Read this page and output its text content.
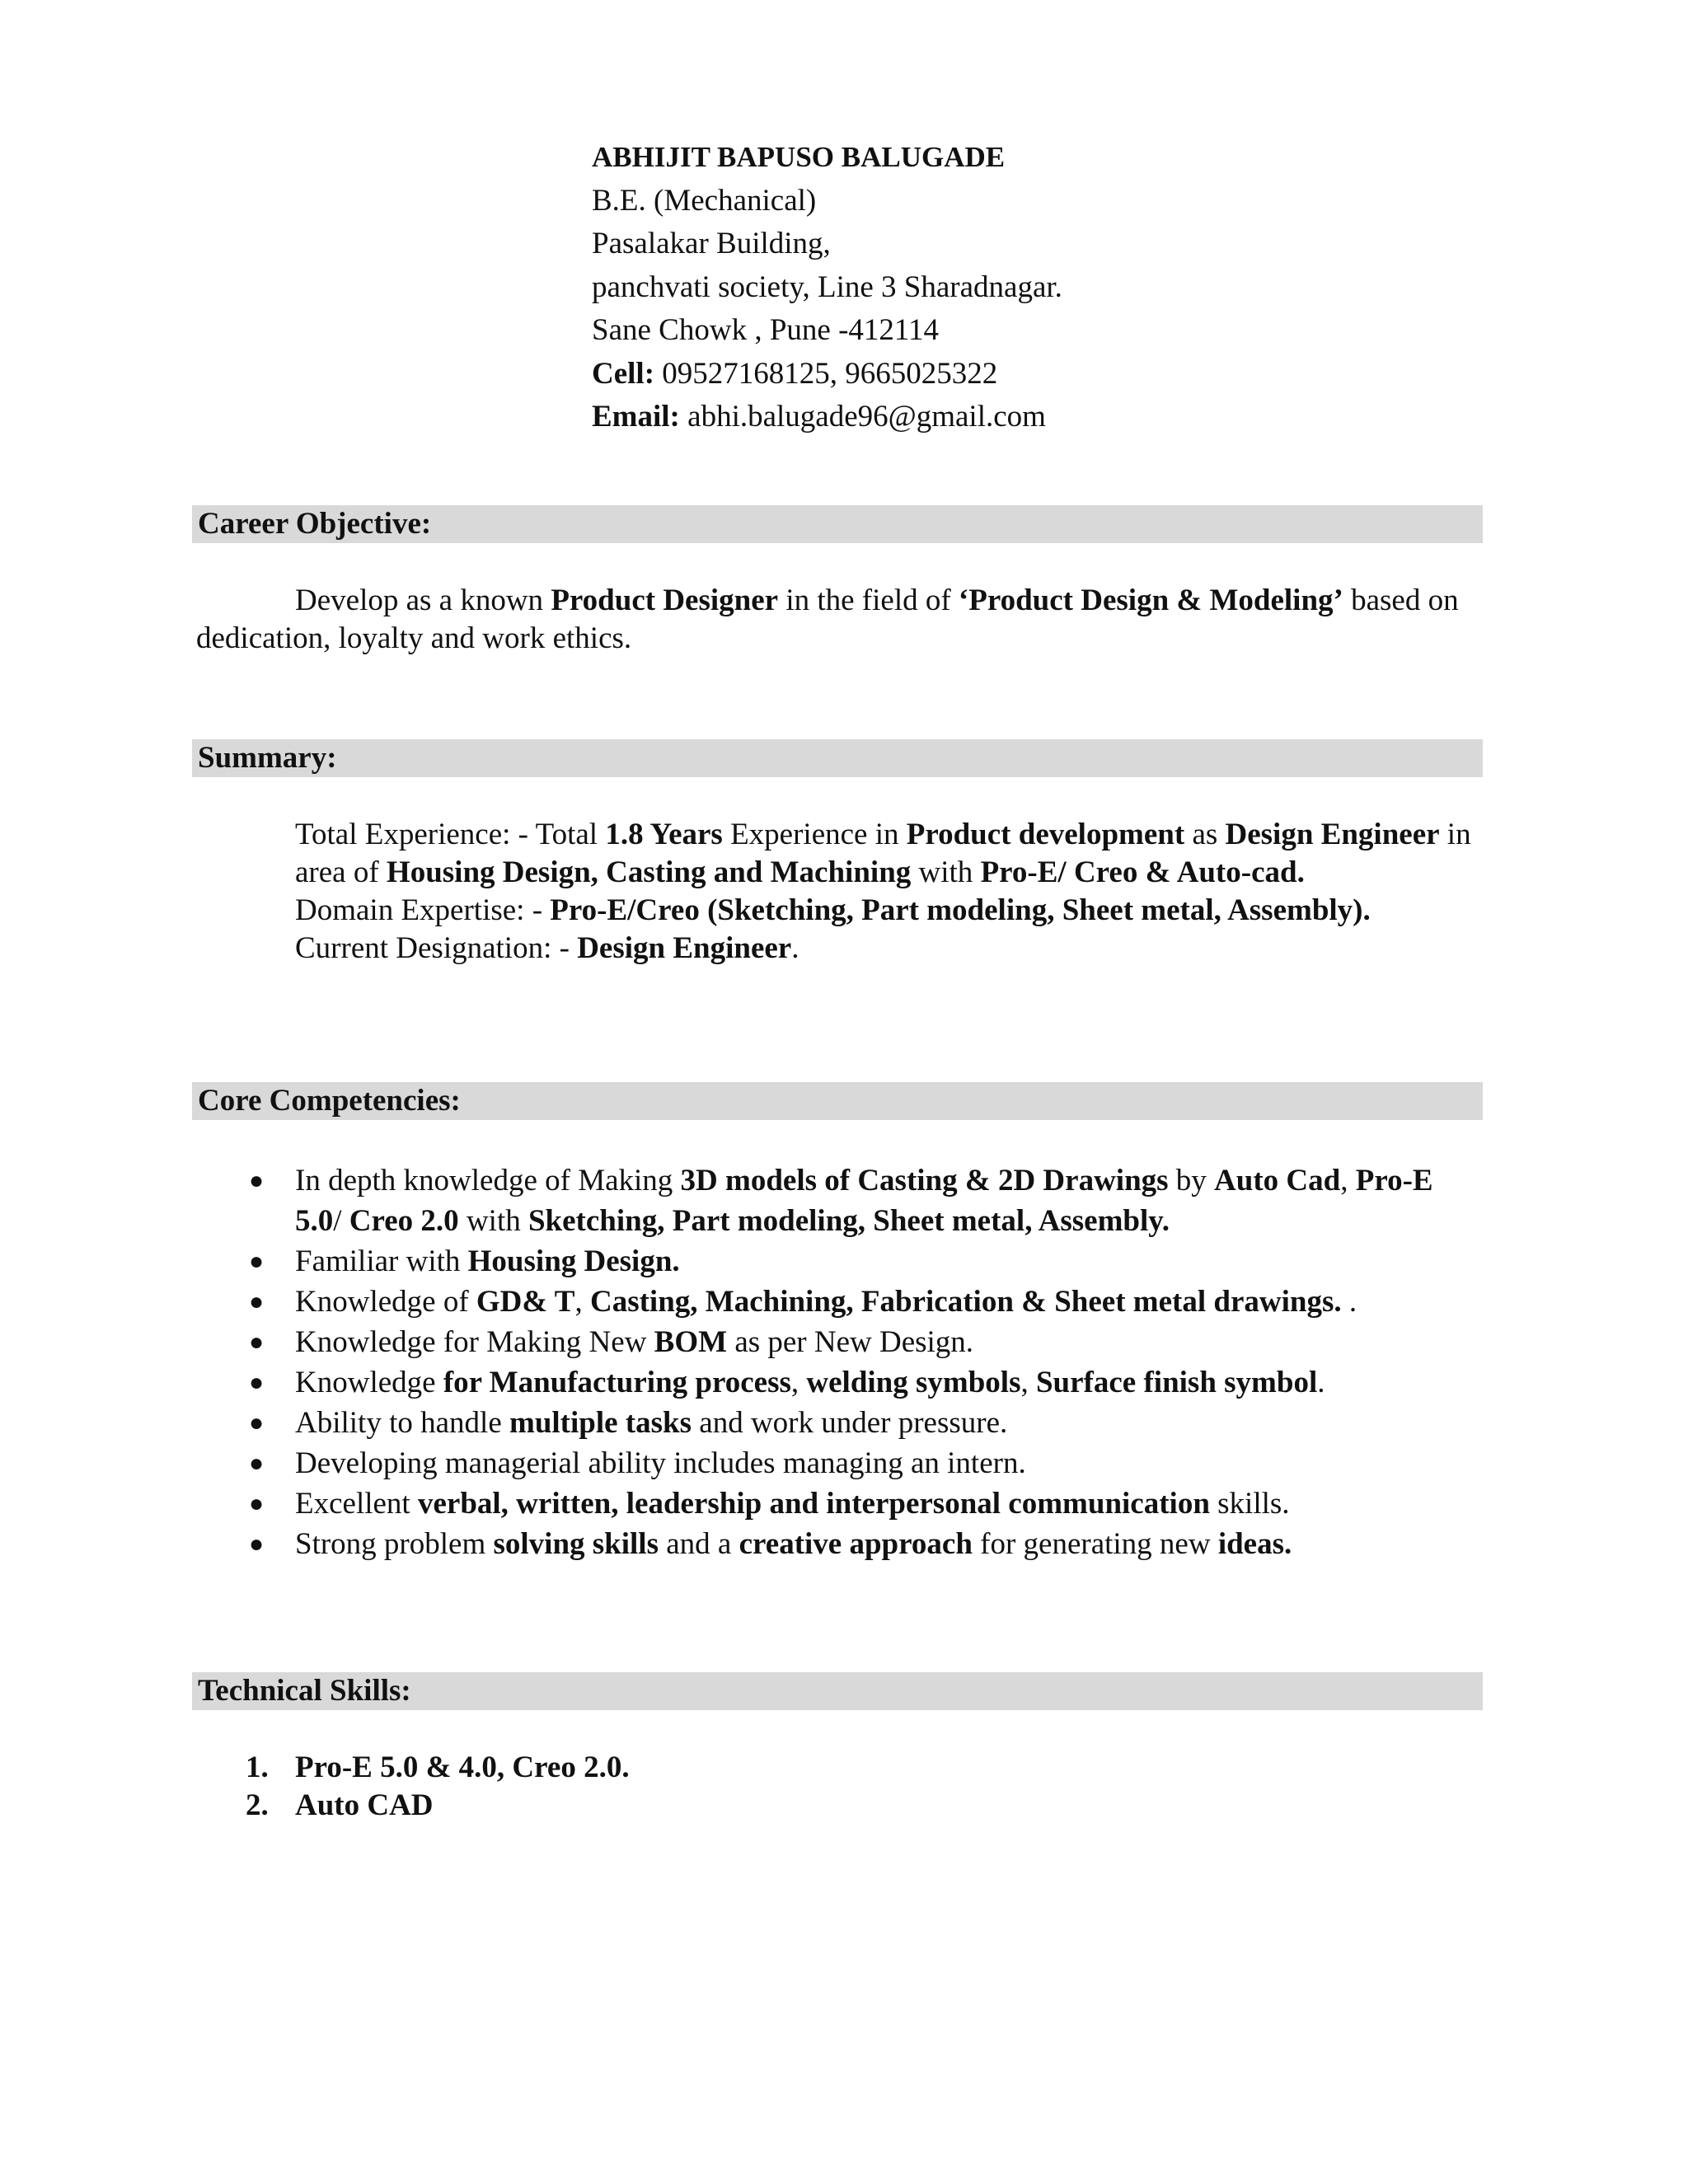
ABHIJIT BAPUSO BALUGADE
B.E. (Mechanical)
Pasalakar Building,
panchvati society, Line 3 Sharadnagar.
Sane Chowk , Pune -412114
Cell: 09527168125, 9665025322
Email: abhi.balugade96@gmail.com
Career Objective:
Develop as a known Product Designer in the field of ‘Product Design & Modeling’ based on dedication, loyalty and work ethics.
Summary:
Total Experience: - Total 1.8 Years Experience in Product development as Design Engineer in area of Housing Design, Casting and Machining with Pro-E/ Creo & Auto-cad.
Domain Expertise: - Pro-E/Creo (Sketching, Part modeling, Sheet metal, Assembly).
Current Designation: - Design Engineer.
Core Competencies:
● In depth knowledge of Making 3D models of Casting & 2D Drawings by Auto Cad, Pro-E 5.0/ Creo 2.0 with Sketching, Part modeling, Sheet metal, Assembly.
● Familiar with Housing Design.
● Knowledge of GD& T, Casting, Machining, Fabrication & Sheet metal drawings. .
● Knowledge for Making New BOM as per New Design.
● Knowledge for Manufacturing process, welding symbols, Surface finish symbol.
● Ability to handle multiple tasks and work under pressure.
● Developing managerial ability includes managing an intern.
● Excellent verbal, written, leadership and interpersonal communication skills.
● Strong problem solving skills and a creative approach for generating new ideas.
Technical Skills:
1. Pro-E 5.0 & 4.0, Creo 2.0.
2. Auto CAD
